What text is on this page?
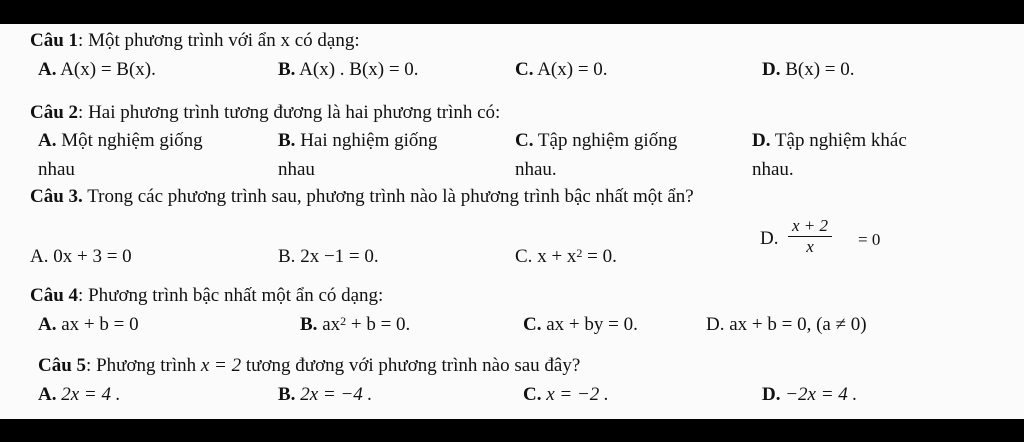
Câu 1: Một phương trình với ẩn x có dạng:
A. A(x) = B(x).	B. A(x) . B(x) = 0.	C. A(x) = 0.	D. B(x) = 0.
Câu 2: Hai phương trình tương đương là hai phương trình có:
A. Một nghiệm giống
nhau
B. Hai nghiệm giống
nhau
C. Tập nghiệm giống
nhau.
D. Tập nghiệm khác
nhau.
Câu 3. Trong các phương trình sau, phương trình nào là phương trình bậc nhất một ẩn?
A. 0x + 3 = 0	B. 2x −1 = 0.	C. $x + x^2 = 0$.
D. $\frac{x + 2}{x} = 0$
Câu 4: Phương trình bậc nhất một ẩn có dạng:
A. ax + b = 0	B. $ax^2 + b = 0$.	C. ax + by = 0.	D. ax + b = 0, (a ≠ 0)
Câu 5: Phương trình x = 2 tương đương với phương trình nào sau đây?
A. 2x = 4 .	B. 2x = −4 .	C. x = −2 .	D. −2x = 4 .
